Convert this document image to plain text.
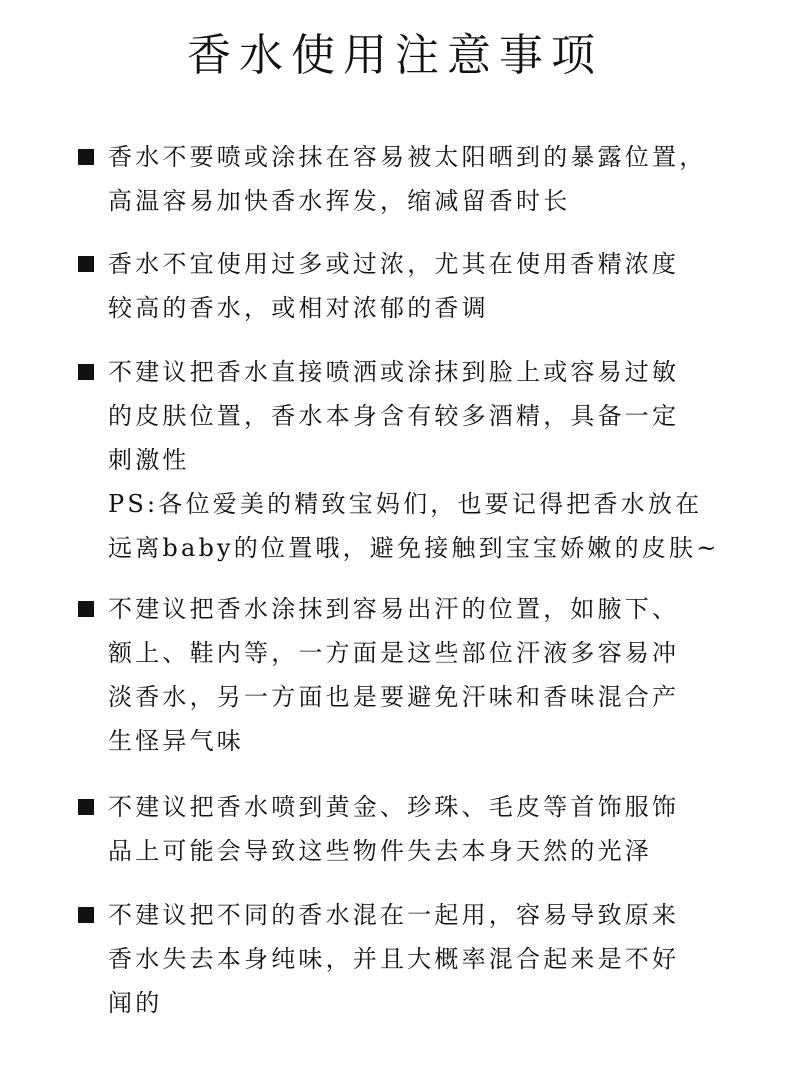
香水使用注意事项
香水不要喷或涂抹在容易被太阳晒到的暴露位置，
高温容易加快香水挥发，缩减留香时长
香水不宜使用过多或过浓，尤其在使用香精浓度
较高的香水，或相对浓郁的香调
不建议把香水直接喷洒或涂抹到脸上或容易过敏
的皮肤位置，香水本身含有较多酒精，具备一定
刺激性
PS:各位爱美的精致宝妈们，也要记得把香水放在
远离baby的位置哦，避免接触到宝宝娇嫩的皮肤~
不建议把香水涂抹到容易出汗的位置，如腋下、
额上、鞋内等，一方面是这些部位汗液多容易冲
淡香水，另一方面也是要避免汗味和香味混合产
生怪异气味
不建议把香水喷到黄金、珍珠、毛皮等首饰服饰
品上可能会导致这些物件失去本身天然的光泽
不建议把不同的香水混在一起用，容易导致原来
香水失去本身纯味，并且大概率混合起来是不好
闻的
